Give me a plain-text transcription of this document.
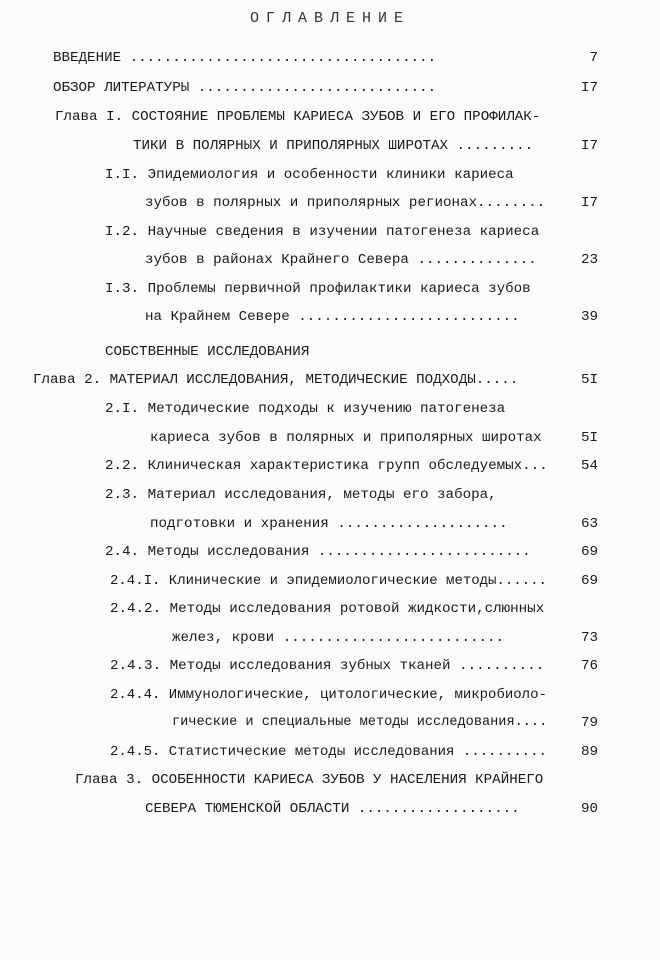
ОГЛАВЛЕНИЕ
ВВЕДЕНИЕ ....................................	7
ОБЗОР ЛИТЕРАТУРЫ ............................	I7
Глава I. СОСТОЯНИЕ ПРОБЛЕМЫ КАРИЕСА ЗУБОВ И ЕГО ПРОФИЛАК-
ТИКИ В ПОЛЯРНЫХ И ПРИПОЛЯРНЫХ ШИРОТАХ .........	I7
I.I. Эпидемиология и особенности клиники кариеса
зубов в полярных и приполярных регионах........	I7
I.2. Научные сведения в изучении патогенеза кариеса
зубов в районах Крайнего Севера ..............	23
I.3. Проблемы первичной профилактики кариеса зубов
на Крайнем Севере ..........................	39
СОБСТВЕННЫЕ ИССЛЕДОВАНИЯ
Глава 2. МАТЕРИАЛ ИССЛЕДОВАНИЯ, МЕТОДИЧЕСКИЕ ПОДХОДЫ.....	5I
2.I. Методические подходы к изучению патогенеза
кариеса зубов в полярных и приполярных широтах	5I
2.2. Клиническая характеристика групп обследуемых...	54
2.3. Материал исследования, методы его забора,
подготовки и хранения ....................	63
2.4. Методы исследования .........................	69
2.4.I. Клинические и эпидемиологические методы......	69
2.4.2. Методы исследования ротовой жидкости,слюнных
желез, крови ..........................	73
2.4.3. Методы исследования зубных тканей ..........	76
2.4.4. Иммунологические, цитологические, микробиоло-
гические и специальные методы исследования....	79
2.4.5. Статистические методы исследования ..........	89
Глава 3. ОСОБЕННОСТИ КАРИЕСА ЗУБОВ У НАСЕЛЕНИЯ КРАЙНЕГО
СЕВЕРА ТЮМЕНСКОЙ ОБЛАСТИ ...................	90
